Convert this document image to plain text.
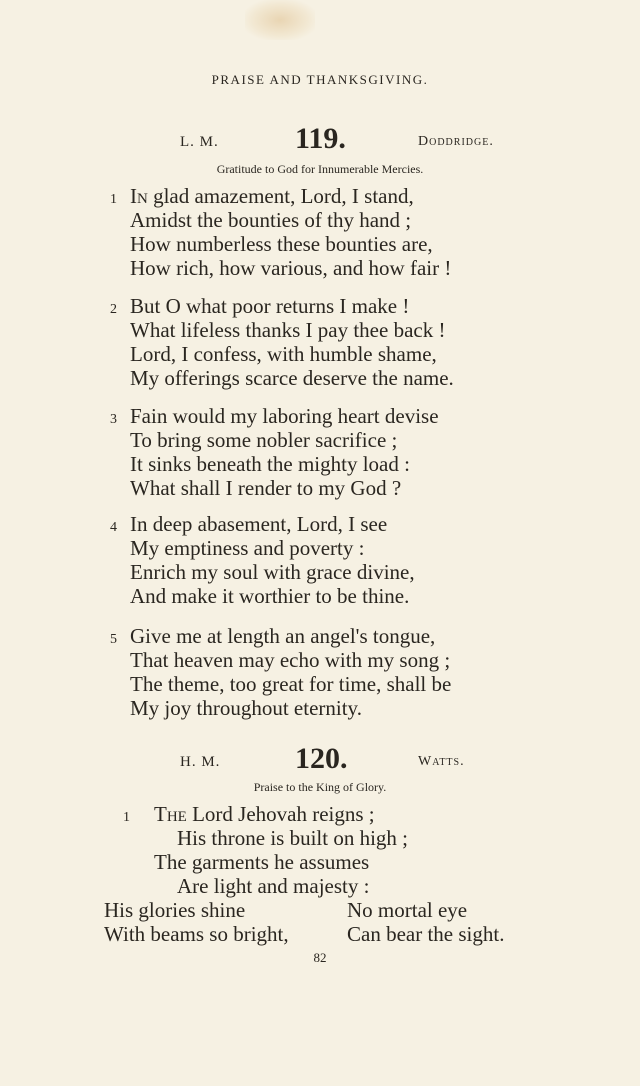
PRAISE AND THANKSGIVING.
L. M.	119.	Doddridge.
Gratitude to God for Innumerable Mercies.
1 In glad amazement, Lord, I stand,
Amidst the bounties of thy hand ;
How numberless these bounties are,
How rich, how various, and how fair !
2 But O what poor returns I make !
What lifeless thanks I pay thee back !
Lord, I confess, with humble shame,
My offerings scarce deserve the name.
3 Fain would my laboring heart devise
To bring some nobler sacrifice ;
It sinks beneath the mighty load :
What shall I render to my God ?
4 In deep abasement, Lord, I see
My emptiness and poverty :
Enrich my soul with grace divine,
And make it worthier to be thine.
5 Give me at length an angel's tongue,
That heaven may echo with my song ;
The theme, too great for time, shall be
My joy throughout eternity.
H. M. 120.	Watts.
Praise to the King of Glory.
1 The Lord Jehovah reigns ;
His throne is built on high ;
The garments he assumes
Are light and majesty :
His glories shine	No mortal eye
With beams so bright,	Can bear the sight.
82
